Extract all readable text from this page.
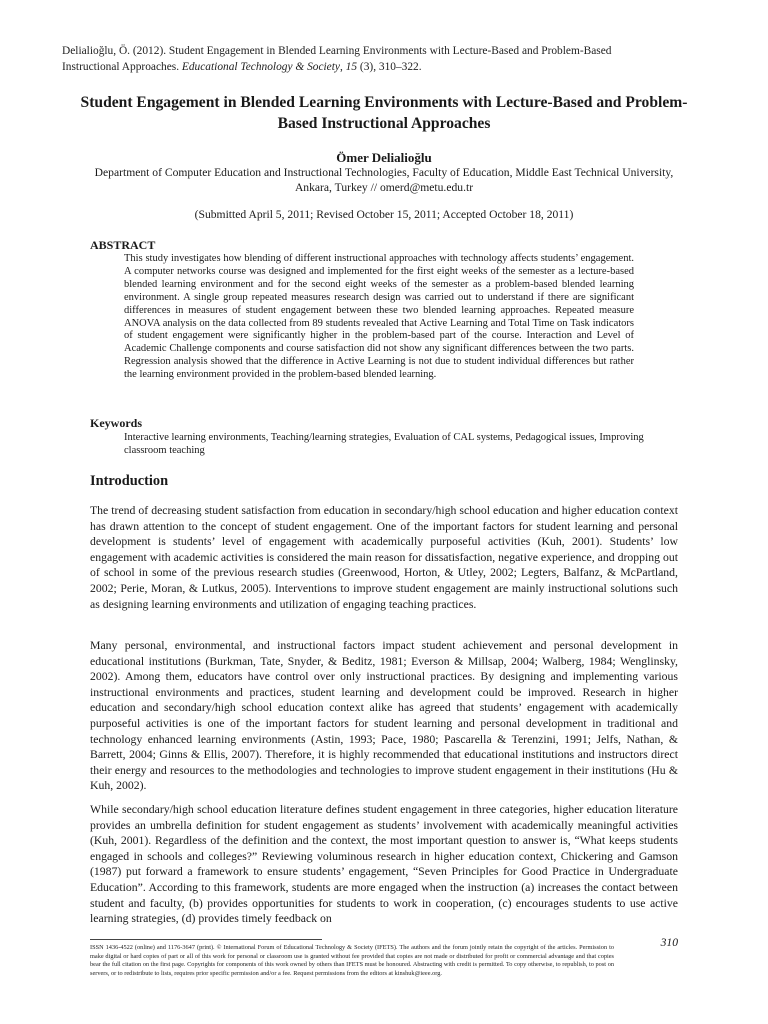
Delialioğlu, Ö. (2012). Student Engagement in Blended Learning Environments with Lecture-Based and Problem-Based
Instructional Approaches. Educational Technology & Society, 15 (3), 310–322.
Student Engagement in Blended Learning Environments with Lecture-Based and Problem-Based Instructional Approaches
Ömer Delialioğlu
Department of Computer Education and Instructional Technologies, Faculty of Education, Middle East Technical University, Ankara, Turkey // omerd@metu.edu.tr
(Submitted April 5, 2011; Revised October 15, 2011; Accepted October 18, 2011)
ABSTRACT
This study investigates how blending of different instructional approaches with technology affects students’ engagement. A computer networks course was designed and implemented for the first eight weeks of the semester as a lecture-based blended learning environment and for the second eight weeks of the semester as a problem-based blended learning environment. A single group repeated measures research design was carried out to understand if there are significant differences in measures of student engagement between these two blended learning approaches. Repeated measure ANOVA analysis on the data collected from 89 students revealed that Active Learning and Total Time on Task indicators of student engagement were significantly higher in the problem-based part of the course. Interaction and Level of Academic Challenge components and course satisfaction did not show any significant differences between the two parts. Regression analysis showed that the difference in Active Learning is not due to student individual differences but rather the learning environment provided in the problem-based blended learning.
Keywords
Interactive learning environments, Teaching/learning strategies, Evaluation of CAL systems, Pedagogical issues, Improving classroom teaching
Introduction
The trend of decreasing student satisfaction from education in secondary/high school education and higher education context has drawn attention to the concept of student engagement. One of the important factors for student learning and personal development is students’ level of engagement with academically purposeful activities (Kuh, 2001). Students’ low engagement with academic activities is considered the main reason for dissatisfaction, negative experience, and dropping out of school in some of the previous research studies (Greenwood, Horton, & Utley, 2002; Legters, Balfanz, & McPartland, 2002; Perie, Moran, & Lutkus, 2005). Interventions to improve student engagement are mainly instructional solutions such as designing learning environments and utilization of engaging teaching practices.
Many personal, environmental, and instructional factors impact student achievement and personal development in educational institutions (Burkman, Tate, Snyder, & Beditz, 1981; Everson & Millsap, 2004; Walberg, 1984; Wenglinsky, 2002). Among them, educators have control over only instructional practices. By designing and implementing various instructional environments and practices, student learning and development could be improved. Research in higher education and secondary/high school education context alike has agreed that students’ engagement with academically purposeful activities is one of the important factors for student learning and personal development in traditional and technology enhanced learning environments (Astin, 1993; Pace, 1980; Pascarella & Terenzini, 1991; Jelfs, Nathan, & Barrett, 2004; Ginns & Ellis, 2007). Therefore, it is highly recommended that educational institutions and instructors direct their energy and resources to the methodologies and technologies to improve student engagement in their institutions (Hu & Kuh, 2002).
While secondary/high school education literature defines student engagement in three categories, higher education literature provides an umbrella definition for student engagement as students’ involvement with academically meaningful activities (Kuh, 2001). Regardless of the definition and the context, the most important question to answer is, “What keeps students engaged in schools and colleges?” Reviewing voluminous research in higher education context, Chickering and Gamson (1987) put forward a framework to ensure students’ engagement, “Seven Principles for Good Practice in Undergraduate Education”. According to this framework, students are more engaged when the instruction (a) increases the contact between student and faculty, (b) provides opportunities for students to work in cooperation, (c) encourages students to use active learning strategies, (d) provides timely feedback on
310
ISSN 1436-4522 (online) and 1176-3647 (print). © International Forum of Educational Technology & Society (IFETS). The authors and the forum jointly retain the copyright of the articles. Permission to make digital or hard copies of part or all of this work for personal or classroom use is granted without fee provided that copies are not made or distributed for profit or commercial advantage and that copies bear the full citation on the first page. Copyrights for components of this work owned by others than IFETS must be honoured. Abstracting with credit is permitted. To copy otherwise, to republish, to post on servers, or to redistribute to lists, requires prior specific permission and/or a fee. Request permissions from the editors at kinshuk@ieee.org.
